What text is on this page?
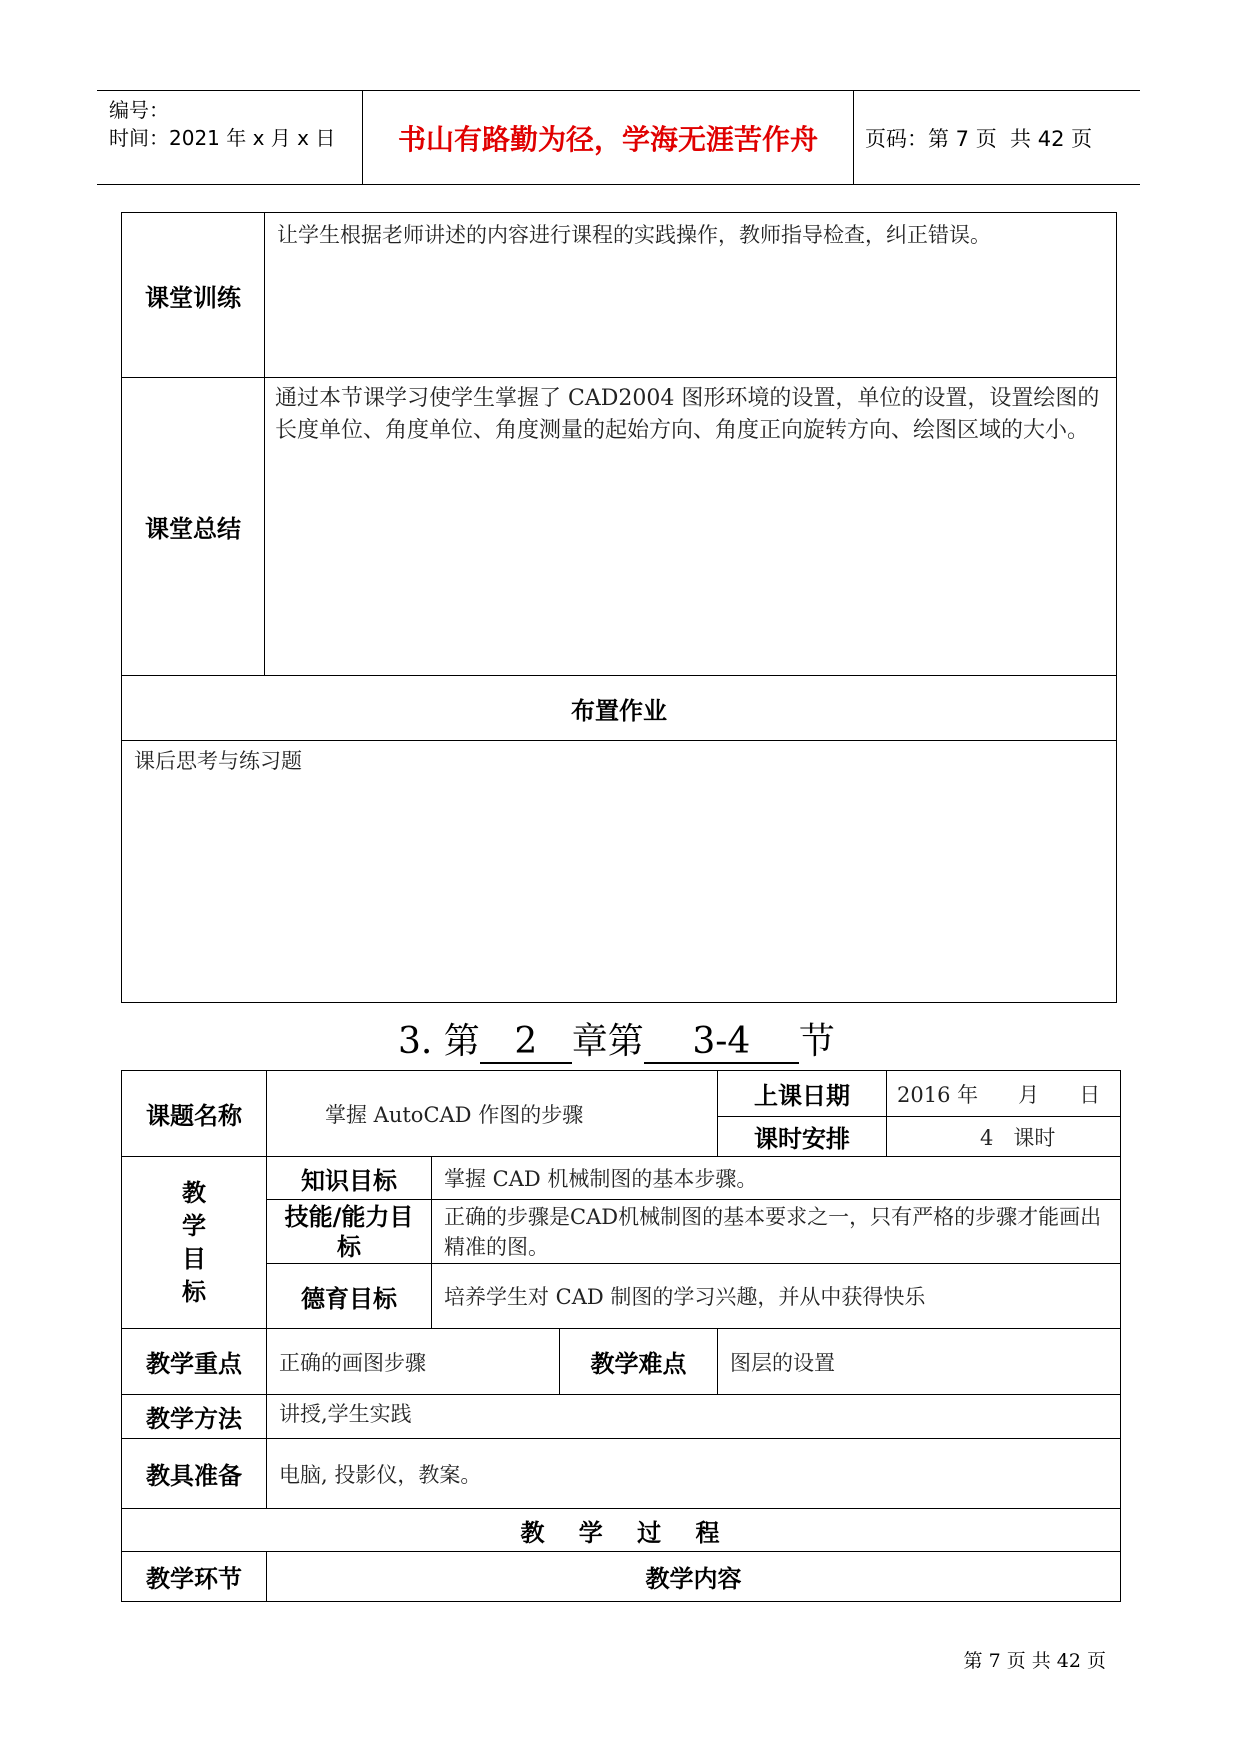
编号：
时间：2021 年 x 月 x 日	书山有路勤为径，学海无涯苦作舟	页码：第 7 页  共 42 页
课堂训练	让学生根据老师讲述的内容进行课程的实践操作，教师指导检查，纠正错误。
课堂总结	通过本节课学习使学生掌握了 CAD2004 图形环境的设置，单位的设置，设置绘图的长度单位、角度单位、角度测量的起始方向、角度正向旋转方向、绘图区域的大小。
布置作业	
课后思考与练习题	
3. 第 2 章第	3-4	节
课题名称	掌握 AutoCAD 作图的步骤			上课日期	2016 年      月      日
				课时安排	4   课时

教学目标	知识目标	掌握 CAD 机械制图的基本步骤。			

	技能/能力目标	正确的步骤是CAD机械制图的基本要求之一，只有严格的步骤才能画出精准的图。			
	德育目标	培养学生对 CAD 制图的学习兴趣，并从中获得快乐			
教学重点	正确的画图步骤		教学难点	图层的设置	
教学方法	讲授,学生实践				
教具准备	电脑, 投影仪，教案。				
教 学 过 程					
教学环节	教学内容				
第 7 页 共 42 页
